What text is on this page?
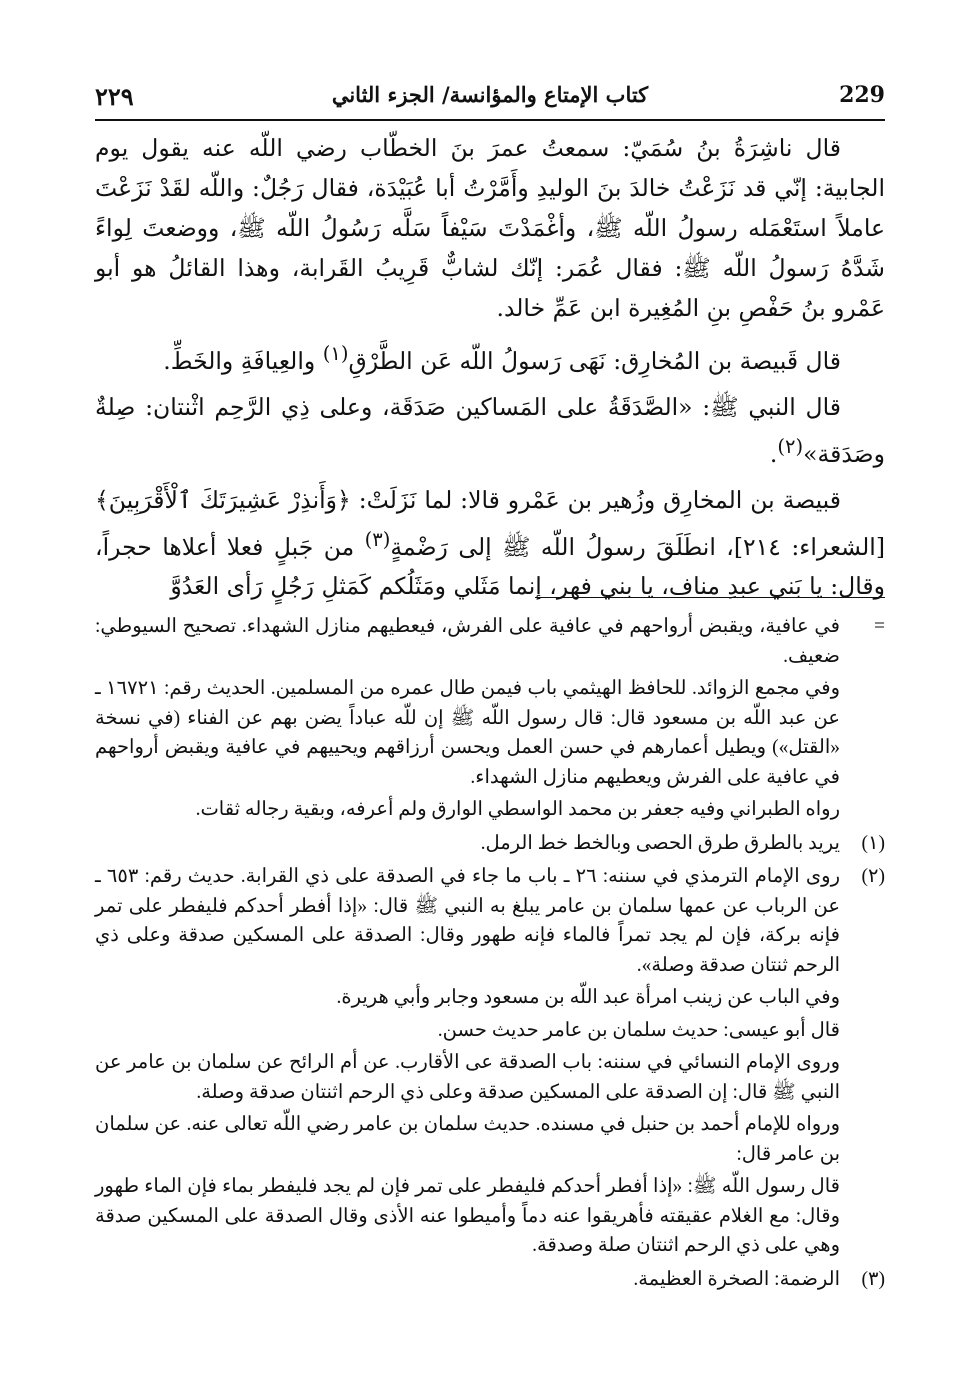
٢٢٩	كتاب الإمتاع والمؤانسة/ الجزء الثاني	229

قال ناشِرَةُ بنُ سُمَيّ: سمعتُ عمرَ بنَ الخطّاب رضي اللّه عنه يقول يوم الجابية: إنّي قد نَزَعْتُ خالدَ بنَ الوليدِ وأَمَّرْتُ أبا عُبَيْدَة، فقال رَجُلٌ: واللّه لقَدْ نَزَعْتَ عاملاً استَعْمَله رسولُ اللّه ﷺ، وأغْمَدْتَ سَيْفاً سَلَّه رَسُولُ اللّه ﷺ، ووضعتَ لِواءً شَدَّهُ رَسولُ اللّه ﷺ: فقال عُمَر: إنّك لشابٌّ قَرِيبُ القَرابة، وهذا القائلُ هو أبو عَمْرو بنُ حَفْصِ بنِ المُغِيرة ابن عَمِّ خالد.

قال قَبيصة بن المُخارِق: نَهَى رَسولُ اللّه عَن الطَّرْقِ$^{(١)}$ والعِيافَةِ والخَطِّ.

قال النبي ﷺ: «الصَّدَقَةُ على المَساكين صَدَقَة، وعلى ذِي الرَّحِم اثْنتان: صِلةٌ وصَدَقة»$^{(٢)}$.

قبيصة بن المخارِق وزُهير بن عَمْرو قالا: لما نَزَلَتْ: ﴿وَأَنذِرْ عَشِيرَتَكَ ٱلْأَقْرَبِينَ﴾ [الشعراء: ٢١٤]، انطَلَقَ رسولُ اللّه ﷺ إلى رَضْمةٍ$^{(٣)}$ من جَبلٍ فعلا أعلاها حجراً، وقال: يا بَني عبدِ مناف، يا بني فهر، إنما مَثَلي ومَثَلُكم كَمَثلِ رَجُلٍ رَأى العَدُوَّ

=

في عافية، ويقبض أرواحهم في عافية على الفرش، فيعطيهم منازل الشهداء. تصحيح السيوطي: ضعيف.

وفي مجمع الزوائد. للحافظ الهيثمي باب فيمن طال عمره من المسلمين. الحديث رقم: ١٦٧٢١ ـ عن عبد اللّه بن مسعود قال: قال رسول اللّه ﷺ إن للّه عباداً يضن بهم عن الفناء (في نسخة «القتل») ويطيل أعمارهم في حسن العمل ويحسن أرزاقهم ويحييهم في عافية ويقبض أرواحهم في عافية على الفرش ويعطيهم منازل الشهداء.

رواه الطبراني وفيه جعفر بن محمد الواسطي الوارق ولم أعرفه، وبقية رجاله ثقات.

(١)

يريد بالطرق طرق الحصى وبالخط خط الرمل.

(٢)

روى الإمام الترمذي في سننه: ٢٦ ـ باب ما جاء في الصدقة على ذي القرابة. حديث رقم: ٦٥٣ ـ عن الرباب عن عمها سلمان بن عامر يبلغ به النبي ﷺ قال: «إذا أفطر أحدكم فليفطر على تمر فإنه بركة، فإن لم يجد تمراً فالماء فإنه طهور وقال: الصدقة على المسكين صدقة وعلى ذي الرحم ثنتان صدقة وصلة».

وفي الباب عن زينب امرأة عبد اللّه بن مسعود وجابر وأبي هريرة.

قال أبو عيسى: حديث سلمان بن عامر حديث حسن.

وروى الإمام النسائي في سننه: باب الصدقة عى الأقارب. عن أم الرائح عن سلمان بن عامر عن النبي ﷺ قال: إن الصدقة على المسكين صدقة وعلى ذي الرحم اثنتان صدقة وصلة.

ورواه للإمام أحمد بن حنبل في مسنده. حديث سلمان بن عامر رضي اللّه تعالى عنه. عن سلمان بن عامر قال:

قال رسول اللّه ﷺ: «إذا أفطر أحدكم فليفطر على تمر فإن لم يجد فليفطر بماء فإن الماء طهور وقال: مع الغلام عقيقته فأهريقوا عنه دماً وأميطوا عنه الأذى وقال الصدقة على المسكين صدقة وهي على ذي الرحم اثنتان صلة وصدقة.

(٣)

الرضمة: الصخرة العظيمة.
